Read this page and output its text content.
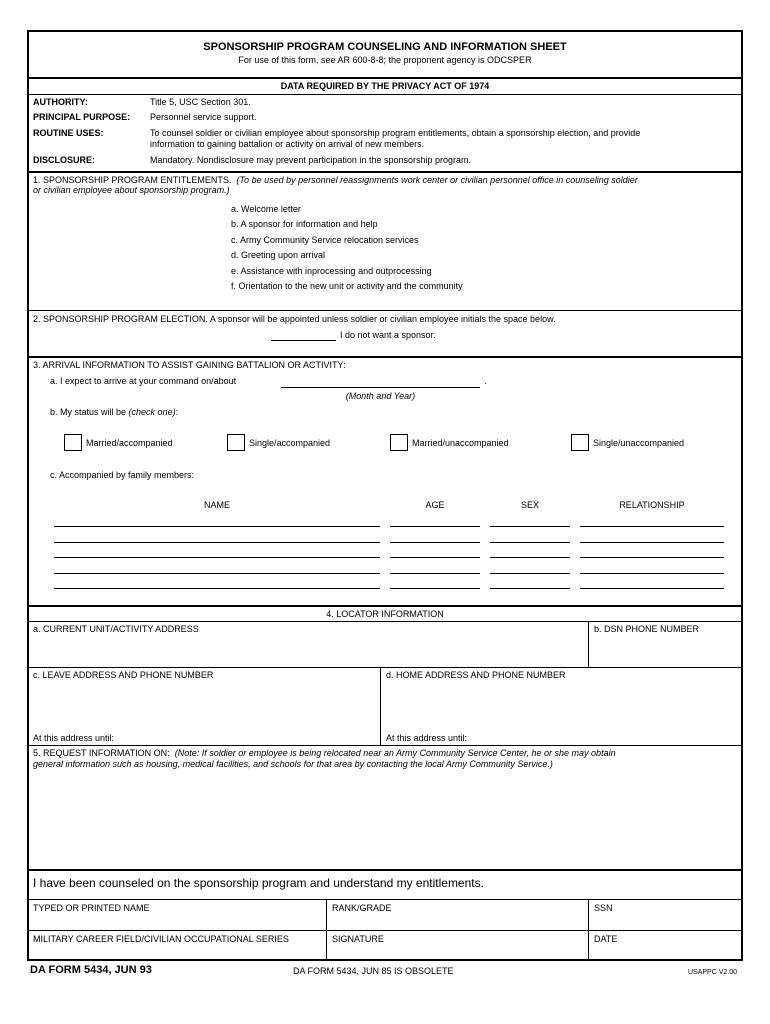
SPONSORSHIP PROGRAM COUNSELING AND INFORMATION SHEET
For use of this form, see AR 600-8-8; the proponent agency is ODCSPER
DATA REQUIRED BY THE PRIVACY ACT OF 1974
AUTHORITY:	Title 5, USC Section 301.
PRINCIPAL PURPOSE: Personnel service support.
ROUTINE USES:	To counsel soldier or civilian employee about sponsorship program entitlements, obtain a sponsorship election, and provide
information to gaining battalion or activity on arrival of new members.
DISCLOSURE:	Mandatory. Nondisclosure may prevent participation in the sponsorship program.
1. SPONSORSHIP PROGRAM ENTITLEMENTS. (To be used by personnel reassignments work center or civilian personnel office in counseling soldier
or civilian employee about sponsorship program.)
a. Welcome letter
b. A sponsor for information and help
c. Army Community Service relocation services
d. Greeting upon arrival
e. Assistance with inprocessing and outprocessing
f. Orientation to the new unit or activity and the community
2. SPONSORSHIP PROGRAM ELECTION. A sponsor will be appointed unless soldier or civilian employee initials the space below.
I do not want a sponsor.
3. ARRIVAL INFORMATION TO ASSIST GAINING BATTALION OR ACTIVITY:
a. I expect to arrive at your command on/about	.
(Month and Year)
b. My status will be (check one):
Married/accompanied	Single/accompanied	Married/unaccompanied	Single/unaccompanied
c. Accompanied by family members:
NAME	AGE	SEX	RELATIONSHIP
4. LOCATOR INFORMATION
a. CURRENT UNIT/ACTIVITY ADDRESS	b. DSN PHONE NUMBER
c. LEAVE ADDRESS AND PHONE NUMBER	d. HOME ADDRESS AND PHONE NUMBER
At this address until:	At this address until:
5. REQUEST INFORMATION ON: (Note: If soldier or employee is being relocated near an Army Community Service Center, he or she may obtain
general information such as housing, medical facilities, and schools for that area by contacting the local Army Community Service.)
I have been counseled on the sponsorship program and understand my entitlements.
TYPED OR PRINTED NAME	RANK/GRADE	SSN
MILITARY CAREER FIELD/CIVILIAN OCCUPATIONAL SERIES	SIGNATURE	DATE
DA FORM 5434, JUN 93	DA FORM 5434, JUN 85 IS OBSOLETE	USAPPC V2.00
